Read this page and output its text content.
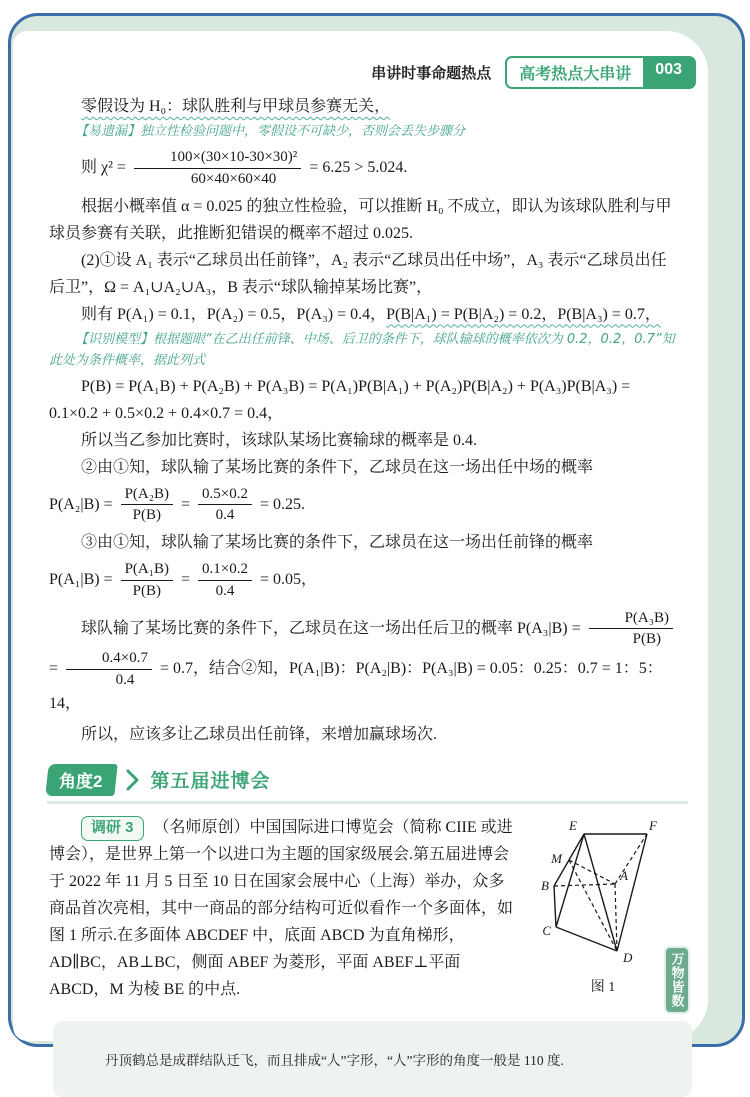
串讲时事命题热点	高考热点大串讲	003

零假设为 H₀：球队胜利与甲球员参赛无关，

【易遗漏】独立性检验问题中，零假设不可缺少，否则会丢失步骤分

则 $\chi^2 = \frac{\text{100×(30×10-30×30)²}}{60\times 40\times 60\times 40} = 6.25 > 5.024$.

根据小概率值 α = 0.025 的独立性检验，可以推断 H₀ 不成立，即认为该球队胜利与甲球员参赛有关联，此推断犯错误的概率不超过 0.025.

(2)①设 A₁ 表示“乙球员出任前锋”，A₂ 表示“乙球员出任中场”，A₃ 表示“乙球员出任后卫”，Ω = A₁∪A₂∪A₃，B 表示“球队输掉某场比赛”，

则有 P(A₁) = 0.1，P(A₂) = 0.5，P(A₃) = 0.4，P(B|A₁) = P(B|A₂) = 0.2，P(B|A₃) = 0.7，

【识别模型】根据题眼“在乙出任前锋、中场、后卫的条件下，球队输球的概率依次为 0.2，0.2，0.7”知此处为条件概率，据此列式

P(B) = P(A₁B) + P(A₂B) + P(A₃B) = P(A₁)P(B|A₁) + P(A₂)P(B|A₂) + P(A₃)P(B|A₃) = 0.1×0.2 + 0.5×0.2 + 0.4×0.7 = 0.4，

所以当乙参加比赛时，该球队某场比赛输球的概率是 0.4.

②由①知，球队输了某场比赛的条件下，乙球员在这一场出任中场的概率

$P(A_2|B) = \frac{\text{P(A₂B)}}{P(B)} = \frac{0.5\times 0.2}{0.4} = 0.25$.

③由①知，球队输了某场比赛的条件下，乙球员在这一场出任前锋的概率

$P(A_1|B) = \frac{\text{P(A₁B)}}{P(B)} = \frac{0.1\times 0.2}{0.4} = 0.05$，

球队输了某场比赛的条件下，乙球员在这一场出任后卫的概率 $P(A_3|B) = \frac{\text{P(A₃B)}}{P(B)}$
= $\frac{0.4\times 0.7}{0.4} = 0.7$，结合②知，P(A₁|B)：P(A₂|B)：P(A₃|B) = 0.05：0.25：0.7 = 1：5：14，

所以，应该多让乙球员出任前锋，来增加赢球场次.

角度2	第五届进博会
调研 3 （名师原创）中国国际进口博览会（简称 CIIE 或进博会），是世界上第一个以进口为主题的国家级展会.第五届进博会于 2022 年 11 月 5 日至 10 日在国家会展中心（上海）举办，众多商品首次亮相，其中一商品的部分结构可近似看作一个多面体，如图 1 所示.在多面体 ABCDEF 中，底面 ABCD 为直角梯形，AD∥BC，AB⊥BC，侧面 ABEF 为菱形，平面 ABEF⊥平面 ABCD，M 为棱 BE 的中点.
E	F
M
B
A
C
D
图 1

丹顶鹤总是成群结队迁飞，而且排成“人”字形，“人”字形的角度一般是 110 度.

万物皆数
